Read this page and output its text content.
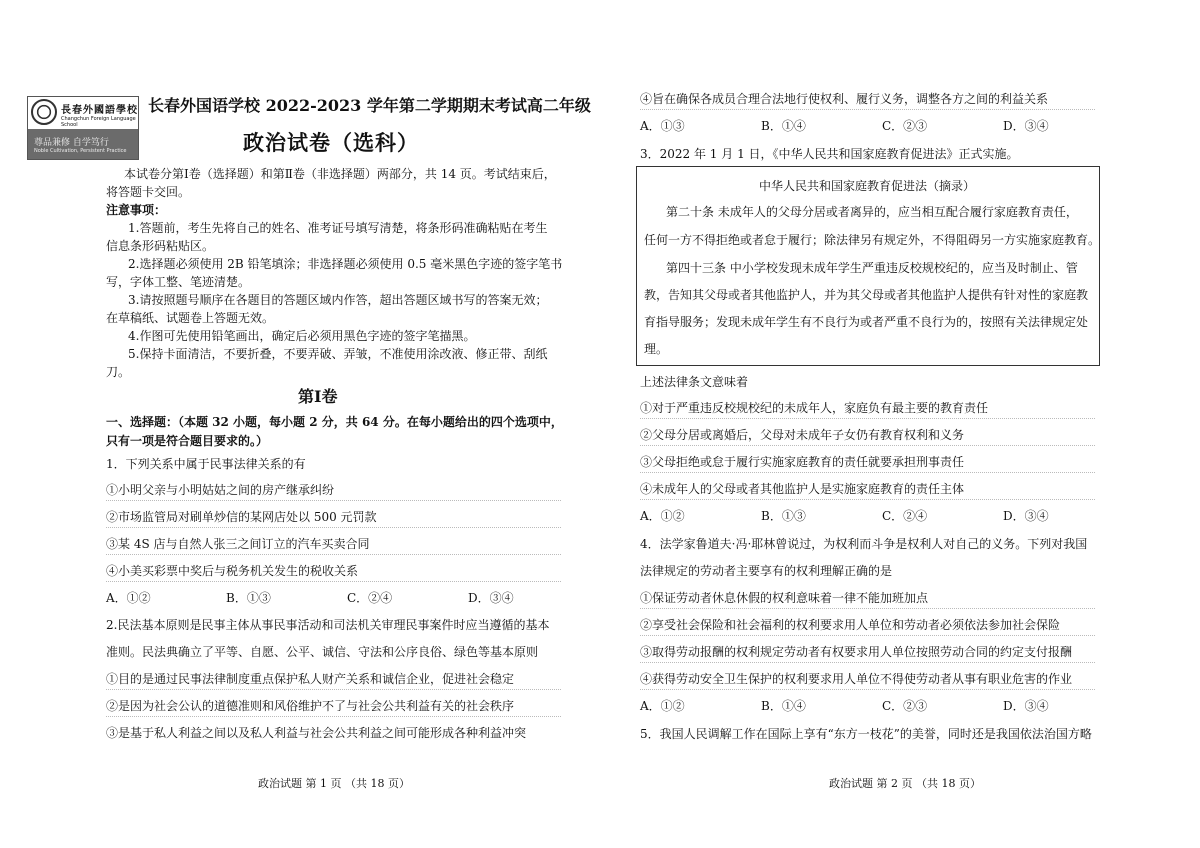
長春外國語學校
Changchun Foreign Language School
尊品兼修 自学笃行
Noble Cultivation, Persistent Practice
长春外国语学校 2022-2023 学年第二学期期末考试高二年级
政治试卷（选科）
本试卷分第Ⅰ卷（选择题）和第Ⅱ卷（非选择题）两部分，共 14 页。考试结束后，
将答题卡交回。
注意事项：
1.答题前，考生先将自己的姓名、准考证号填写清楚，将条形码准确粘贴在考生
信息条形码粘贴区。
2.选择题必须使用 2B 铅笔填涂；非选择题必须使用 0.5 毫米黑色字迹的签字笔书
写，字体工整、笔迹清楚。
3.请按照题号顺序在各题目的答题区域内作答，超出答题区域书写的答案无效；
在草稿纸、试题卷上答题无效。
4.作图可先使用铅笔画出，确定后必须用黑色字迹的签字笔描黑。
5.保持卡面清洁，不要折叠，不要弄破、弄皱，不准使用涂改液、修正带、刮纸
刀。
第Ⅰ卷
一、选择题：（本题 32 小题，每小题 2 分，共 64 分。在每小题给出的四个选项中，
只有一项是符合题目要求的。）
1．下列关系中属于民事法律关系的有
①小明父亲与小明姑姑之间的房产继承纠纷
②市场监管局对刷单炒信的某网店处以 500 元罚款
③某 4S 店与自然人张三之间订立的汽车买卖合同
④小美买彩票中奖后与税务机关发生的税收关系
A．①②	B．①③	C．②④	D．③④
2.民法基本原则是民事主体从事民事活动和司法机关审理民事案件时应当遵循的基本
准则。民法典确立了平等、自愿、公平、诚信、守法和公序良俗、绿色等基本原则
①目的是通过民事法律制度重点保护私人财产关系和诚信企业，促进社会稳定
②是因为社会公认的道德准则和风俗维护不了与社会公共利益有关的社会秩序
③是基于私人利益之间以及私人利益与社会公共利益之间可能形成各种利益冲突
政治试题 第 1 页 （共 18 页）
④旨在确保各成员合理合法地行使权利、履行义务，调整各方之间的利益关系
A．①③	B．①④	C．②③	D．③④
3．2022 年 1 月 1 日，《中华人民共和国家庭教育促进法》正式实施。
中华人民共和国家庭教育促进法（摘录）
第二十条 未成年人的父母分居或者离异的，应当相互配合履行家庭教育责任，
任何一方不得拒绝或者怠于履行；除法律另有规定外，不得阻碍另一方实施家庭教育。
第四十三条 中小学校发现未成年学生严重违反校规校纪的，应当及时制止、管
教，告知其父母或者其他监护人，并为其父母或者其他监护人提供有针对性的家庭教
育指导服务；发现未成年学生有不良行为或者严重不良行为的，按照有关法律规定处
理。
上述法律条文意味着
①对于严重违反校规校纪的未成年人，家庭负有最主要的教育责任
②父母分居或离婚后，父母对未成年子女仍有教育权利和义务
③父母拒绝或怠于履行实施家庭教育的责任就要承担刑事责任
④未成年人的父母或者其他监护人是实施家庭教育的责任主体
A．①②	B．①③	C．②④	D．③④
4．法学家鲁道夫·冯·耶林曾说过，为权利而斗争是权利人对自己的义务。下列对我国
法律规定的劳动者主要享有的权利理解正确的是
①保证劳动者休息休假的权利意味着一律不能加班加点
②享受社会保险和社会福利的权利要求用人单位和劳动者必须依法参加社会保险
③取得劳动报酬的权利规定劳动者有权要求用人单位按照劳动合同的约定支付报酬
④获得劳动安全卫生保护的权利要求用人单位不得使劳动者从事有职业危害的作业
A．①②	B．①④	C．②③	D．③④
5．我国人民调解工作在国际上享有“东方一枝花”的美誉，同时还是我国依法治国方略
政治试题 第 2 页 （共 18 页）
